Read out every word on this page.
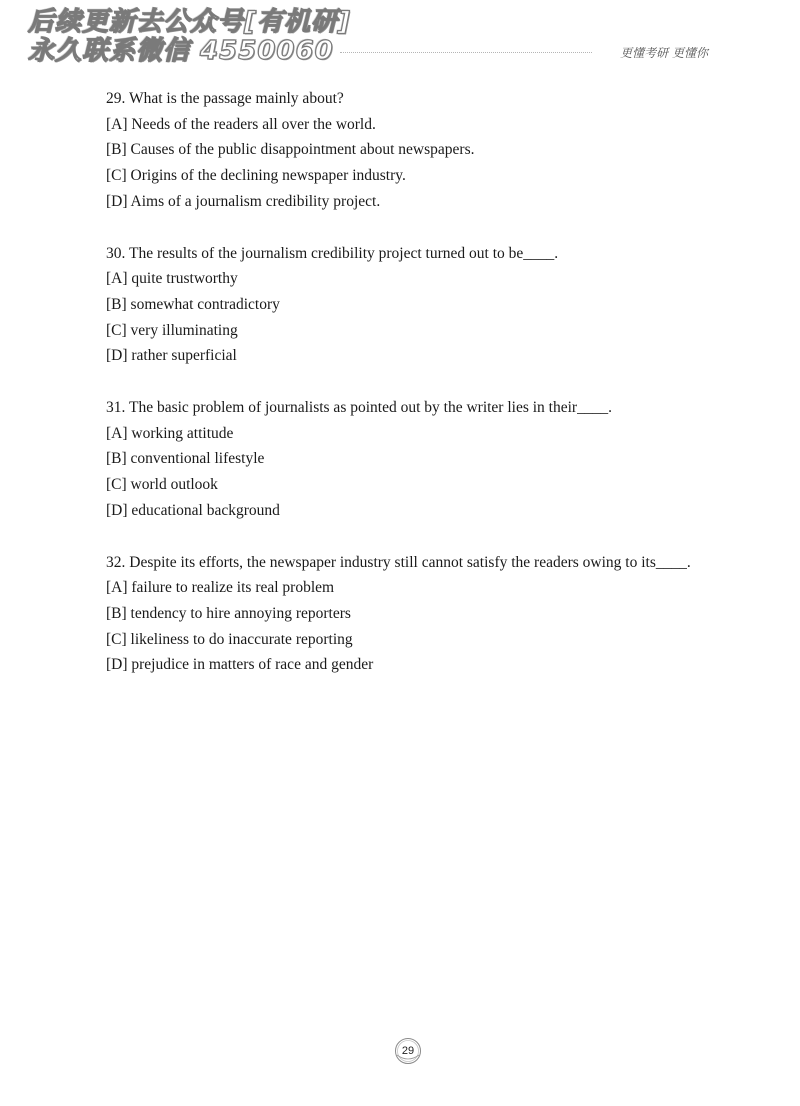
后续更新去公众号[有机研]
永久联系微信 4550060	更懂考研 更懂你
29. What is the passage mainly about?
[A] Needs of the readers all over the world.
[B] Causes of the public disappointment about newspapers.
[C] Origins of the declining newspaper industry.
[D] Aims of a journalism credibility project.
30. The results of the journalism credibility project turned out to be____.
[A] quite trustworthy
[B] somewhat contradictory
[C] very illuminating
[D] rather superficial
31. The basic problem of journalists as pointed out by the writer lies in their____.
[A] working attitude
[B] conventional lifestyle
[C] world outlook
[D] educational background
32. Despite its efforts, the newspaper industry still cannot satisfy the readers owing to its____.
[A] failure to realize its real problem
[B] tendency to hire annoying reporters
[C] likeliness to do inaccurate reporting
[D] prejudice in matters of race and gender
29
